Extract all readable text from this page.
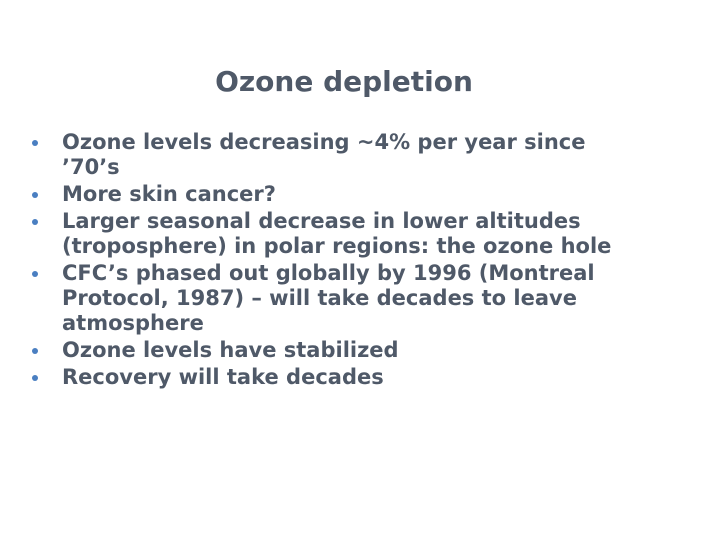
Ozone depletion
Ozone levels decreasing ~4% per year since
’70’s
More skin cancer?
Larger seasonal decrease in lower altitudes
(troposphere) in polar regions: the ozone hole
CFC’s phased out globally by 1996 (Montreal
Protocol, 1987) – will take decades to leave
atmosphere
Ozone levels have stabilized
Recovery will take decades
